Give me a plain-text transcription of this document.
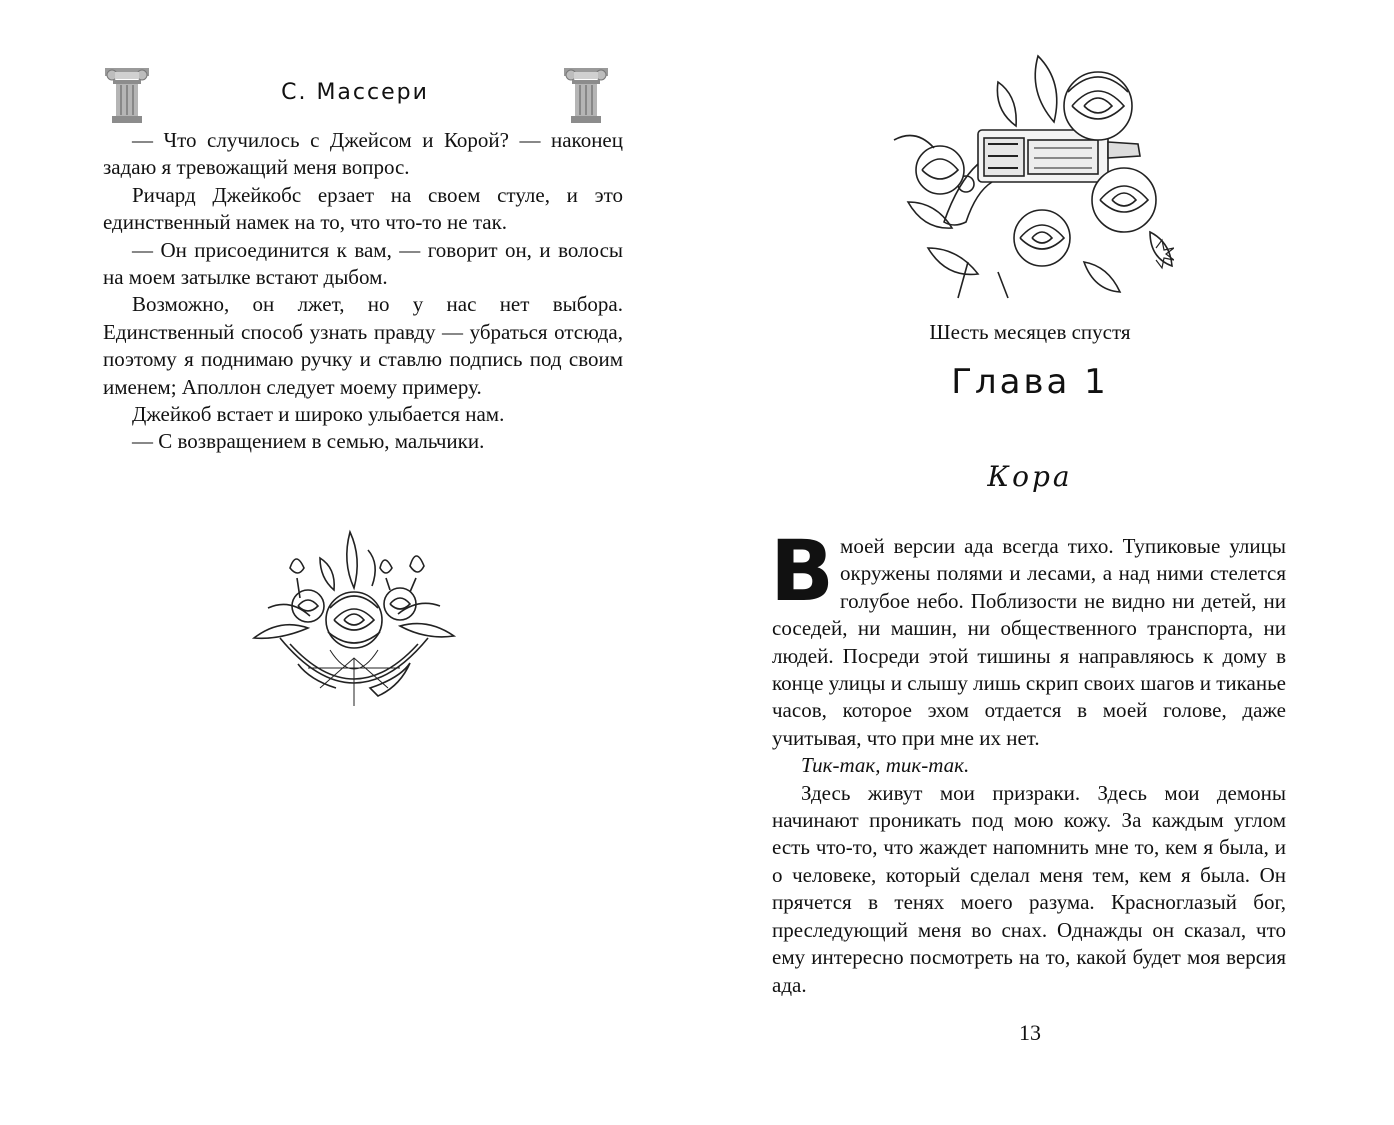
С. Массери

— Что случилось с Джейсом и Корой? — наконец задаю я тревожащий меня вопрос.

Ричард Джейкобс ерзает на своем стуле, и это единственный намек на то, что что-то не так.

— Он присоединится к вам, — говорит он, и волосы на моем затылке встают дыбом.

Возможно, он лжет, но у нас нет выбора. Единственный способ узнать правду — убраться отсюда, поэтому я поднимаю ручку и ставлю подпись под своим именем; Аполлон следует моему примеру.

Джейкоб встает и широко улыбается нам.

— С возвращением в семью, мальчики.

Шесть месяцев спустя
Глава 1
Кора

Вмоей версии ада всегда тихо. Тупиковые улицы окружены полями и лесами, а над ними стелется голубое небо. Поблизости не видно ни детей, ни соседей, ни машин, ни общественного транспорта, ни людей. Посреди этой тишины я направляюсь к дому в конце улицы и слышу лишь скрип своих шагов и тиканье часов, которое эхом отдается в моей голове, даже учитывая, что при мне их нет.

Тик-так, тик-так.

Здесь живут мои призраки. Здесь мои демоны начинают проникать под мою кожу. За каждым углом есть что-то, что жаждет напомнить мне то, кем я была, и о человеке, который сделал меня тем, кем я была. Он прячется в тенях моего разума. Красноглазый бог, преследующий меня во снах. Однажды он сказал, что ему интересно посмотреть на то, какой будет моя версия ада.

13
